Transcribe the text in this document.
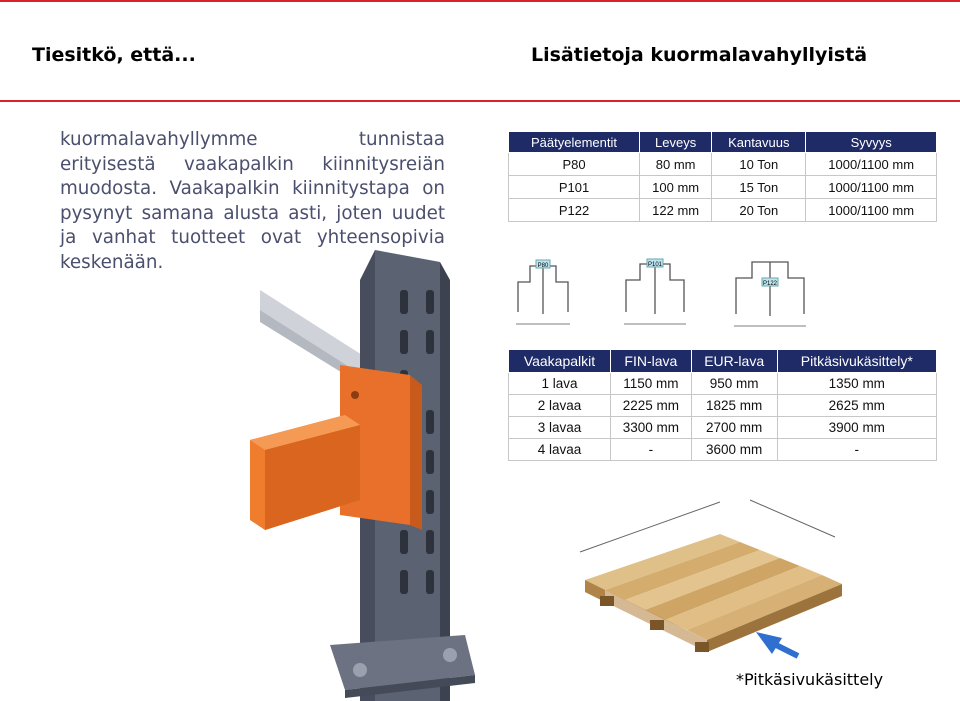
Tiesitkö, että...	Lisätietoja kuormalavahyllyistä
kuormalavahyllymme tunnistaa erityisestä vaakapalkin kiinnitysreiän muodosta. Vaakapalkin kiinnitystapa on pysynyt samana alusta asti, joten uudet ja vanhat tuotteet ovat yhteensopivia keskenään.
Päätyelementit	Leveys	Kantavuus	Syvyys
P80	80 mm	10 Ton	1000/1100 mm
P101	100 mm	15 Ton	1000/1100 mm
P122	122 mm	20 Ton	1000/1100 mm
P80	P101
P122
Vaakapalkit	FIN-lava	EUR-lava	Pitkäsivukäsittely*
1 lava	1150 mm	950 mm	1350 mm
2 lavaa	2225 mm	1825 mm	2625 mm
3 lavaa	3300 mm	2700 mm	3900 mm
4 lavaa	-	3600 mm	-
*Pitkäsivukäsittely
